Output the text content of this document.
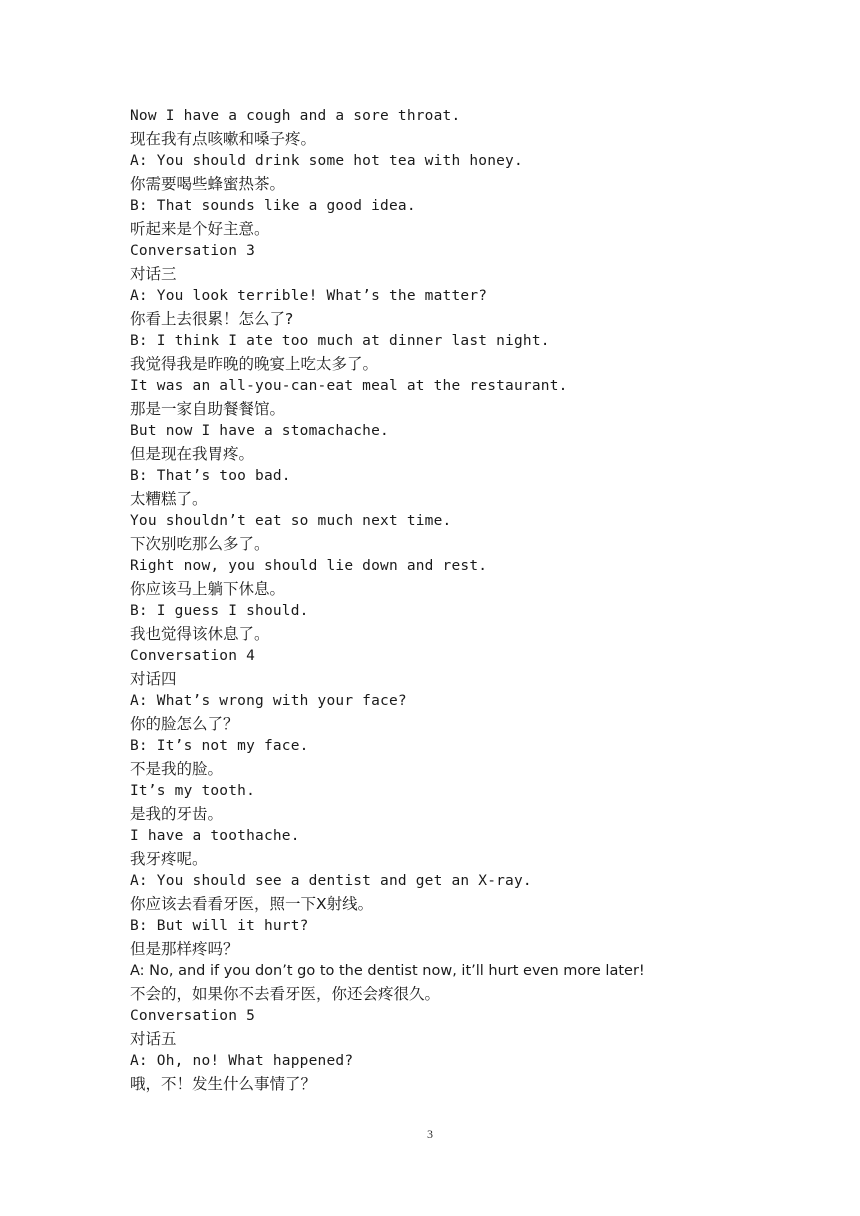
Now I have a cough and a sore throat.
现在我有点咳嗽和嗓子疼。
A: You should drink some hot tea with honey.
你需要喝些蜂蜜热茶。
B: That sounds like a good idea.
听起来是个好主意。
Conversation 3
对话三
A: You look terrible! What’s the matter?
你看上去很累！怎么了?
B: I think I ate too much at dinner last night.
我觉得我是昨晚的晚宴上吃太多了。
It was an all-you-can-eat meal at the restaurant.
那是一家自助餐餐馆。
But now I have a stomachache.
但是现在我胃疼。
B: That’s too bad.
太糟糕了。
You shouldn’t eat so much next time.
下次别吃那么多了。
Right now, you should lie down and rest.
你应该马上躺下休息。
B: I guess I should.
我也觉得该休息了。
Conversation 4
对话四
A: What’s wrong with your face?
你的脸怎么了？
B: It’s not my face.
不是我的脸。
It’s my tooth.
是我的牙齿。
I have a toothache.
我牙疼呢。
A: You should see a dentist and get an X-ray.
你应该去看看牙医，照一下X射线。
B: But will it hurt?
但是那样疼吗？
A: No, and if you don’t go to the dentist now, it’ll hurt even more later!
不会的，如果你不去看牙医，你还会疼很久。
Conversation 5
对话五
A: Oh, no! What happened?
哦，不！发生什么事情了？
3
